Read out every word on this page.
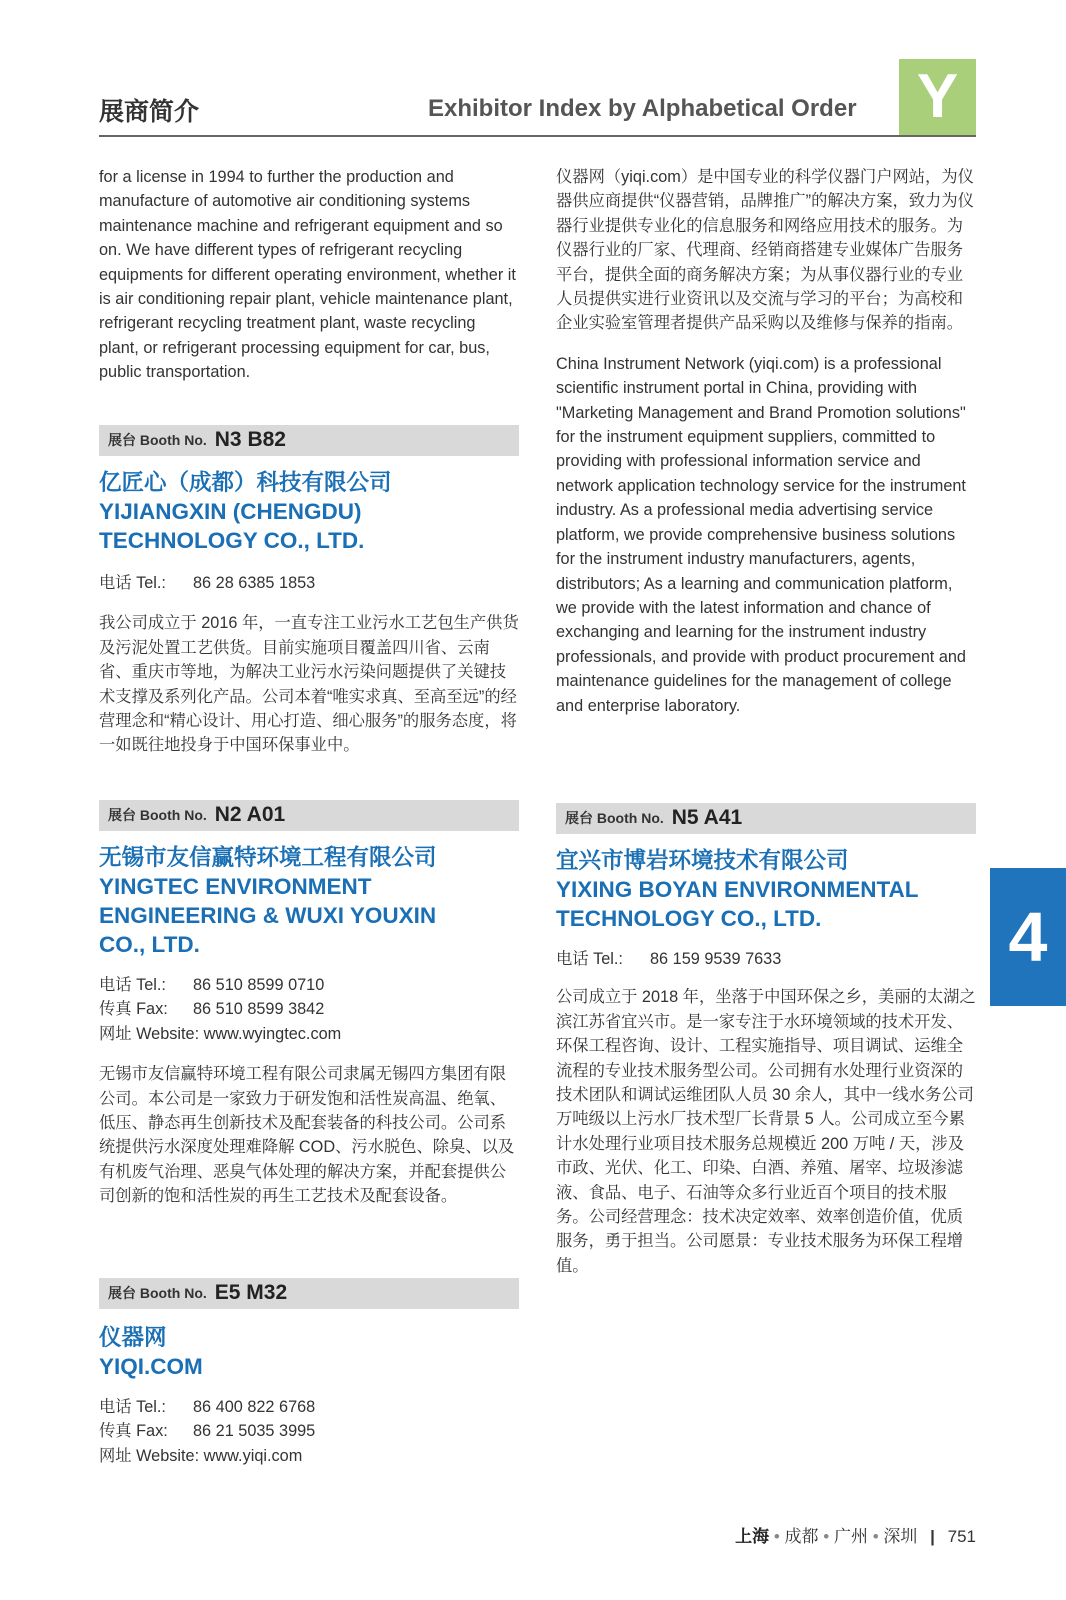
展商简介	Exhibitor Index by Alphabetical Order Y
4

for a license in 1994 to further the production and manufacture of automotive air conditioning systems maintenance machine and refrigerant equipment and so on. We have different types of refrigerant recycling equipments for different operating environment, whether it is air conditioning repair plant, vehicle maintenance plant, refrigerant recycling treatment plant, waste recycling plant, or refrigerant processing equipment for car, bus, public transportation.

展台 Booth No. N3 B82
亿匠心（成都）科技有限公司
YIJIANGXIN (CHENGDU) TECHNOLOGY CO., LTD.
电话 Tel.: 86 28 6385 1853

我公司成立于 2016 年，一直专注工业污水工艺包生产供货及污泥处置工艺供货。目前实施项目覆盖四川省、云南省、重庆市等地，为解决工业污水污染问题提供了关键技术支撑及系列化产品。公司本着“唯实求真、至高至远”的经营理念和“精心设计、用心打造、细心服务”的服务态度，将一如既往地投身于中国环保事业中。

展台 Booth No. N2 A01
无锡市友信赢特环境工程有限公司
YINGTEC ENVIRONMENT ENGINEERING & WUXI YOUXIN CO., LTD.
电话 Tel.: 86 510 8599 0710
传真 Fax: 86 510 8599 3842
网址 Website: www.wyingtec.com

无锡市友信赢特环境工程有限公司隶属无锡四方集团有限公司。本公司是一家致力于研发饱和活性炭高温、绝氧、低压、静态再生创新技术及配套装备的科技公司。公司系统提供污水深度处理难降解 COD、污水脱色、除臭、以及有机废气治理、恶臭气体处理的解决方案，并配套提供公司创新的饱和活性炭的再生工艺技术及配套设备。

展台 Booth No. E5 M32
仪器网
YIQI.COM
电话 Tel.: 86 400 822 6768
传真 Fax: 86 21 5035 3995
网址 Website: www.yiqi.com

仪器网（yiqi.com）是中国专业的科学仪器门户网站，为仪器供应商提供“仪器营销，品牌推广”的解决方案，致力为仪器行业提供专业化的信息服务和网络应用技术的服务。为仪器行业的厂家、代理商、经销商搭建专业媒体广告服务平台，提供全面的商务解决方案；为从事仪器行业的专业人员提供实进行业资讯以及交流与学习的平台；为高校和企业实验室管理者提供产品采购以及维修与保养的指南。

China Instrument Network (yiqi.com) is a professional scientific instrument portal in China, providing with "Marketing Management and Brand Promotion solutions" for the instrument equipment suppliers, committed to providing with professional information service and network application technology service for the instrument industry. As a professional media advertising service platform, we provide comprehensive business solutions for the instrument industry manufacturers, agents, distributors; As a learning and communication platform, we provide with the latest information and chance of exchanging and learning for the instrument industry professionals, and provide with product procurement and maintenance guidelines for the management of college and enterprise laboratory.

展台 Booth No. N5 A41
宜兴市博岩环境技术有限公司
YIXING BOYAN ENVIRONMENTAL TECHNOLOGY CO., LTD.
电话 Tel.: 86 159 9539 7633

公司成立于 2018 年，坐落于中国环保之乡，美丽的太湖之滨江苏省宜兴市。是一家专注于水环境领域的技术开发、环保工程咨询、设计、工程实施指导、项目调试、运维全流程的专业技术服务型公司。公司拥有水处理行业资深的技术团队和调试运维团队人员 30 余人，其中一线水务公司万吨级以上污水厂技术型厂长背景 5 人。公司成立至今累计水处理行业项目技术服务总规模近 200 万吨 / 天，涉及市政、光伏、化工、印染、白酒、养殖、屠宰、垃圾渗滤液、食品、电子、石油等众多行业近百个项目的技术服务。公司经营理念：技术决定效率、效率创造价值，优质服务，勇于担当。公司愿景：专业技术服务为环保工程增值。

上海 • 成都 • 广州 • 深圳 | 751
